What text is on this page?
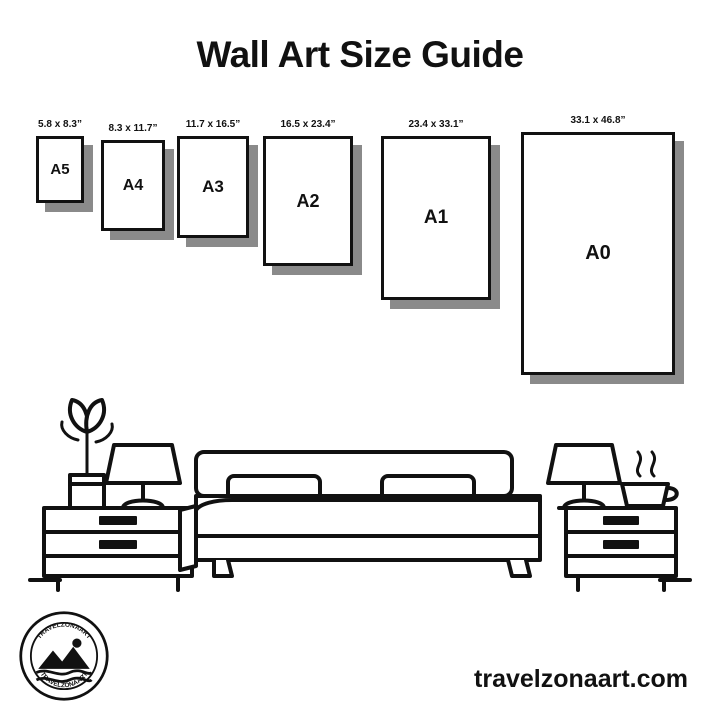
Wall Art Size Guide
5.8 x 8.3”
A5
8.3 x 11.7”
A4
11.7 x 16.5”
A3
16.5 x 23.4”
A2
23.4 x 33.1”
A1
33.1 x 46.8”
A0
TRAVELZONAART
TRAVELZONAART	travelzonaart.com
